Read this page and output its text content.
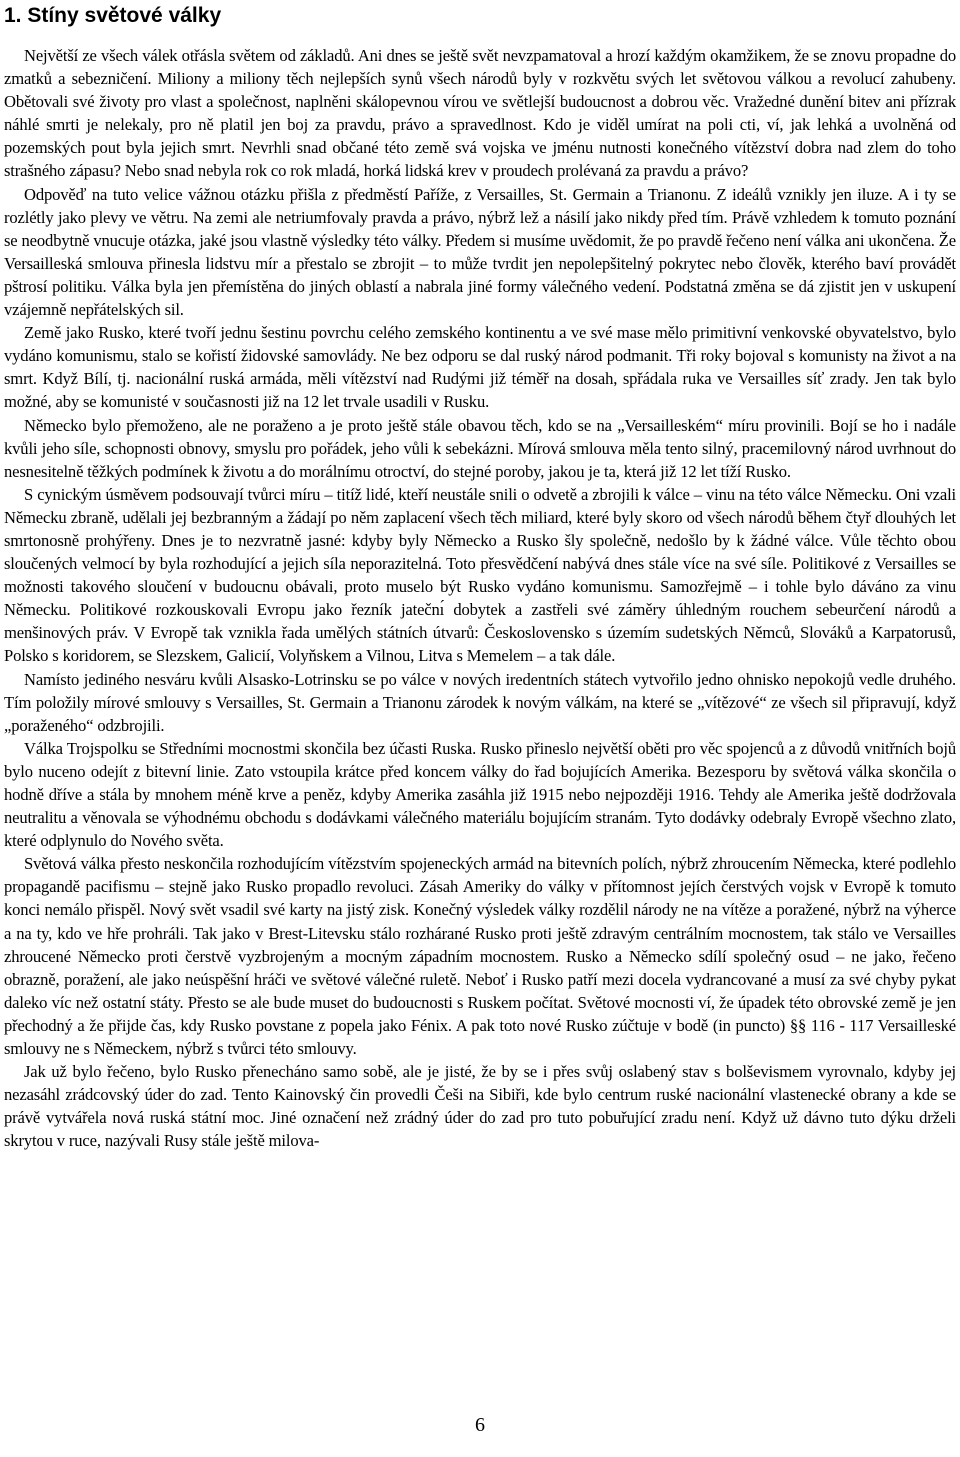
1. Stíny světové války

Největší ze všech válek otřásla světem od základů. Ani dnes se ještě svět nevzpamatoval a hrozí každým okamžikem, že se znovu propadne do zmatků a sebezničení. Miliony a miliony těch nejlepších synů všech národů byly v rozkvětu svých let světovou válkou a revolucí zahubeny. Obětovali své životy pro vlast a společnost, naplněni skálopevnou vírou ve světlejší budoucnost a dobrou věc. Vražedné dunění bitev ani přízrak náhlé smrti je nelekaly, pro ně platil jen boj za pravdu, právo a spravedlnost. Kdo je viděl umírat na poli cti, ví, jak lehká a uvolněná od pozemských pout byla jejich smrt. Nevrhli snad občané této země svá vojska ve jménu nutnosti konečného vítězství dobra nad zlem do toho strašného zápasu? Nebo snad nebyla rok co rok mladá, horká lidská krev v proudech prolévaná za pravdu a právo?

Odpověď na tuto velice vážnou otázku přišla z předměstí Paříže, z Versailles, St. Germain a Trianonu. Z ideálů vznikly jen iluze. A i ty se rozlétly jako plevy ve větru. Na zemi ale netriumfovaly pravda a právo, nýbrž lež a násilí jako nikdy před tím. Právě vzhledem k tomuto poznání se neodbytně vnucuje otázka, jaké jsou vlastně výsledky této války. Předem si musíme uvědomit, že po pravdě řečeno není válka ani ukončena. Že Versailleská smlouva přinesla lidstvu mír a přestalo se zbrojit – to může tvrdit jen nepolepšitelný pokrytec nebo člověk, kterého baví provádět pštrosí politiku. Válka byla jen přemístěna do jiných oblastí a nabrala jiné formy válečného vedení. Podstatná změna se dá zjistit jen v uskupení vzájemně nepřátelských sil.

Země jako Rusko, které tvoří jednu šestinu povrchu celého zemského kontinentu a ve své mase mělo primitivní venkovské obyvatelstvo, bylo vydáno komunismu, stalo se kořistí židovské samovlády. Ne bez odporu se dal ruský národ podmanit. Tři roky bojoval s komunisty na život a na smrt. Když Bílí, tj. nacionální ruská armáda, měli vítězství nad Rudými již téměř na dosah, spřádala ruka ve Versailles síť zrady. Jen tak bylo možné, aby se komunisté v současnosti již na 12 let trvale usadili v Rusku.

Německo bylo přemoženo, ale ne poraženo a je proto ještě stále obavou těch, kdo se na „Versailleském“ míru provinili. Bojí se ho i nadále kvůli jeho síle, schopnosti obnovy, smyslu pro pořádek, jeho vůli k sebekázni. Mírová smlouva měla tento silný, pracemilovný národ uvrhnout do nesnesitelně těžkých podmínek k životu a do morálnímu otroctví, do stejné poroby, jakou je ta, která již 12 let tíží Rusko.

S cynickým úsměvem podsouvají tvůrci míru – titíž lidé, kteří neustále snili o odvetě a zbrojili k válce – vinu na této válce Německu. Oni vzali Německu zbraně, udělali jej bezbranným a žádají po něm zaplacení všech těch miliard, které byly skoro od všech národů během čtyř dlouhých let smrtonosně prohýřeny. Dnes je to nezvratně jasné: kdyby byly Německo a Rusko šly společně, nedošlo by k žádné válce. Vůle těchto obou sloučených velmocí by byla rozhodující a jejich síla neporazitelná. Toto přesvědčení nabývá dnes stále více na své síle. Politikové z Versailles se možnosti takového sloučení v budoucnu obávali, proto muselo být Rusko vydáno komunismu. Samozřejmě – i tohle bylo dáváno za vinu Německu. Politikové rozkouskovali Evropu jako řezník jatečnı́ dobytek a zastřeli své záměry úhledným rouchem sebeurčení národů a menšinových práv. V Evropě tak vznikla řada umělých státních útvarů: Československo s územím sudetských Němců, Slováků a Karpatorusů, Polsko s koridorem, se Slezskem, Galicií, Volyňskem a Vilnou, Litva s Memelem – a tak dále.

Namísto jediného nesváru kvůli Alsasko-Lotrinsku se po válce v nových iredentních státech vytvořilo jedno ohnisko nepokojů vedle druhého. Tím položily mírové smlouvy s Versailles, St. Germain a Trianonu zárodek k novým válkám, na které se „vítězové“ ze všech sil připravují, když „poraženého“ odzbrojili.

Válka Trojspolku se Středními mocnostmi skončila bez účasti Ruska. Rusko přineslo největší oběti pro věc spojenců a z důvodů vnitřních bojů bylo nuceno odejít z bitevní linie. Zato vstoupila krátce před koncem války do řad bojujících Amerika. Bezesporu by světová válka skončila o hodně dříve a stála by mnohem méně krve a peněz, kdyby Amerika zasáhla již 1915 nebo nejpozději 1916. Tehdy ale Amerika ještě dodržovala neutralitu a věnovala se výhodnému obchodu s dodávkami válečného materiálu bojujícím stranám. Tyto dodávky odebraly Evropě všechno zlato, které odplynulo do Nového světa.

Světová válka přesto neskončila rozhodujícím vítězstvím spojeneckých armád na bitevních polích, nýbrž zhroucením Německa, které podlehlo propagandě pacifismu – stejně jako Rusko propadlo revoluci. Zásah Ameriky do války v přítomnost jejích čerstvých vojsk v Evropě k tomuto konci nemálo přispěl. Nový svět vsadil své karty na jistý zisk. Konečný výsledek války rozdělil národy ne na vítěze a poražené, nýbrž na výherce a na ty, kdo ve hře prohráli. Tak jako v Brest-Litevsku stálo rozhárané Rusko proti ještě zdravým centrálním mocnostem, tak stálo ve Versailles zhroucené Německo proti čerstvě vyzbrojeným a mocným západním mocnostem. Rusko a Německo sdílí společný osud – ne jako, řečeno obrazně, poražení, ale jako neúspěšní hráči ve světové válečné ruletě. Neboť i Rusko patří mezi docela vydrancované a musí za své chyby pykat daleko víc než ostatní státy. Přesto se ale bude muset do budoucnosti s Ruskem počítat. Světové mocnosti ví, že úpadek této obrovské země je jen přechodný a že přijde čas, kdy Rusko povstane z popela jako Fénix. A pak toto nové Rusko zúčtuje v bodě (in puncto) §§ 116 - 117 Versailleské smlouvy ne s Německem, nýbrž s tvůrci této smlouvy.

Jak už bylo řečeno, bylo Rusko přenecháno samo sobě, ale je jisté, že by se i přes svůj oslabený stav s bolševismem vyrovnalo, kdyby jej nezasáhl zrádcovský úder do zad. Tento Kainovský čin provedli Češi na Sibiři, kde bylo centrum ruské nacionální vlastenecké obrany a kde se právě vytvářela nová ruská státní moc. Jiné označení než zrádný úder do zad pro tuto pobuřující zradu není. Když už dávno tuto dýku drželi skrytou v ruce, nazývali Rusy stále ještě milova-

6
